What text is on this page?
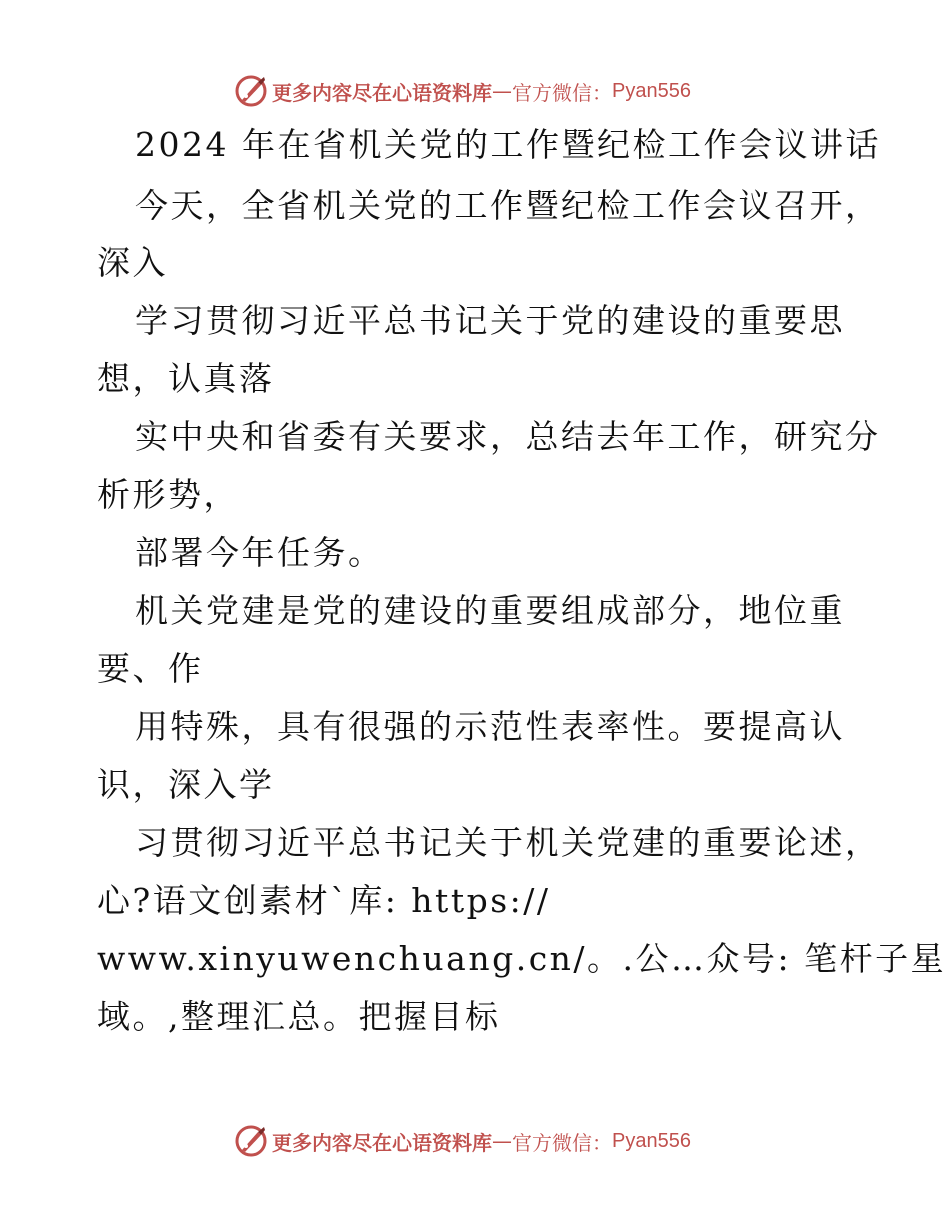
更多内容尽在心语资料库 — 官方微信： Pyan556
2024 年在省机关党的工作暨纪检工作会议讲话
今天，全省机关党的工作暨纪检工作会议召开，
深入
学习贯彻习近平总书记关于党的建设的重要思
想，认真落
实中央和省委有关要求，总结去年工作，研究分
析形势，
部署今年任务。
机关党建是党的建设的重要组成部分，地位重
要、作
用特殊，具有很强的示范性表率性。要提高认
识，深入学
习贯彻习近平总书记关于机关党建的重要论述，
心?语文创素材`库: https://
www.xinyuwenchuang.cn/。.公…众号: 笔杆子星
域。,整理汇总。把握目标
更多内容尽在心语资料库 — 官方微信： Pyan556
